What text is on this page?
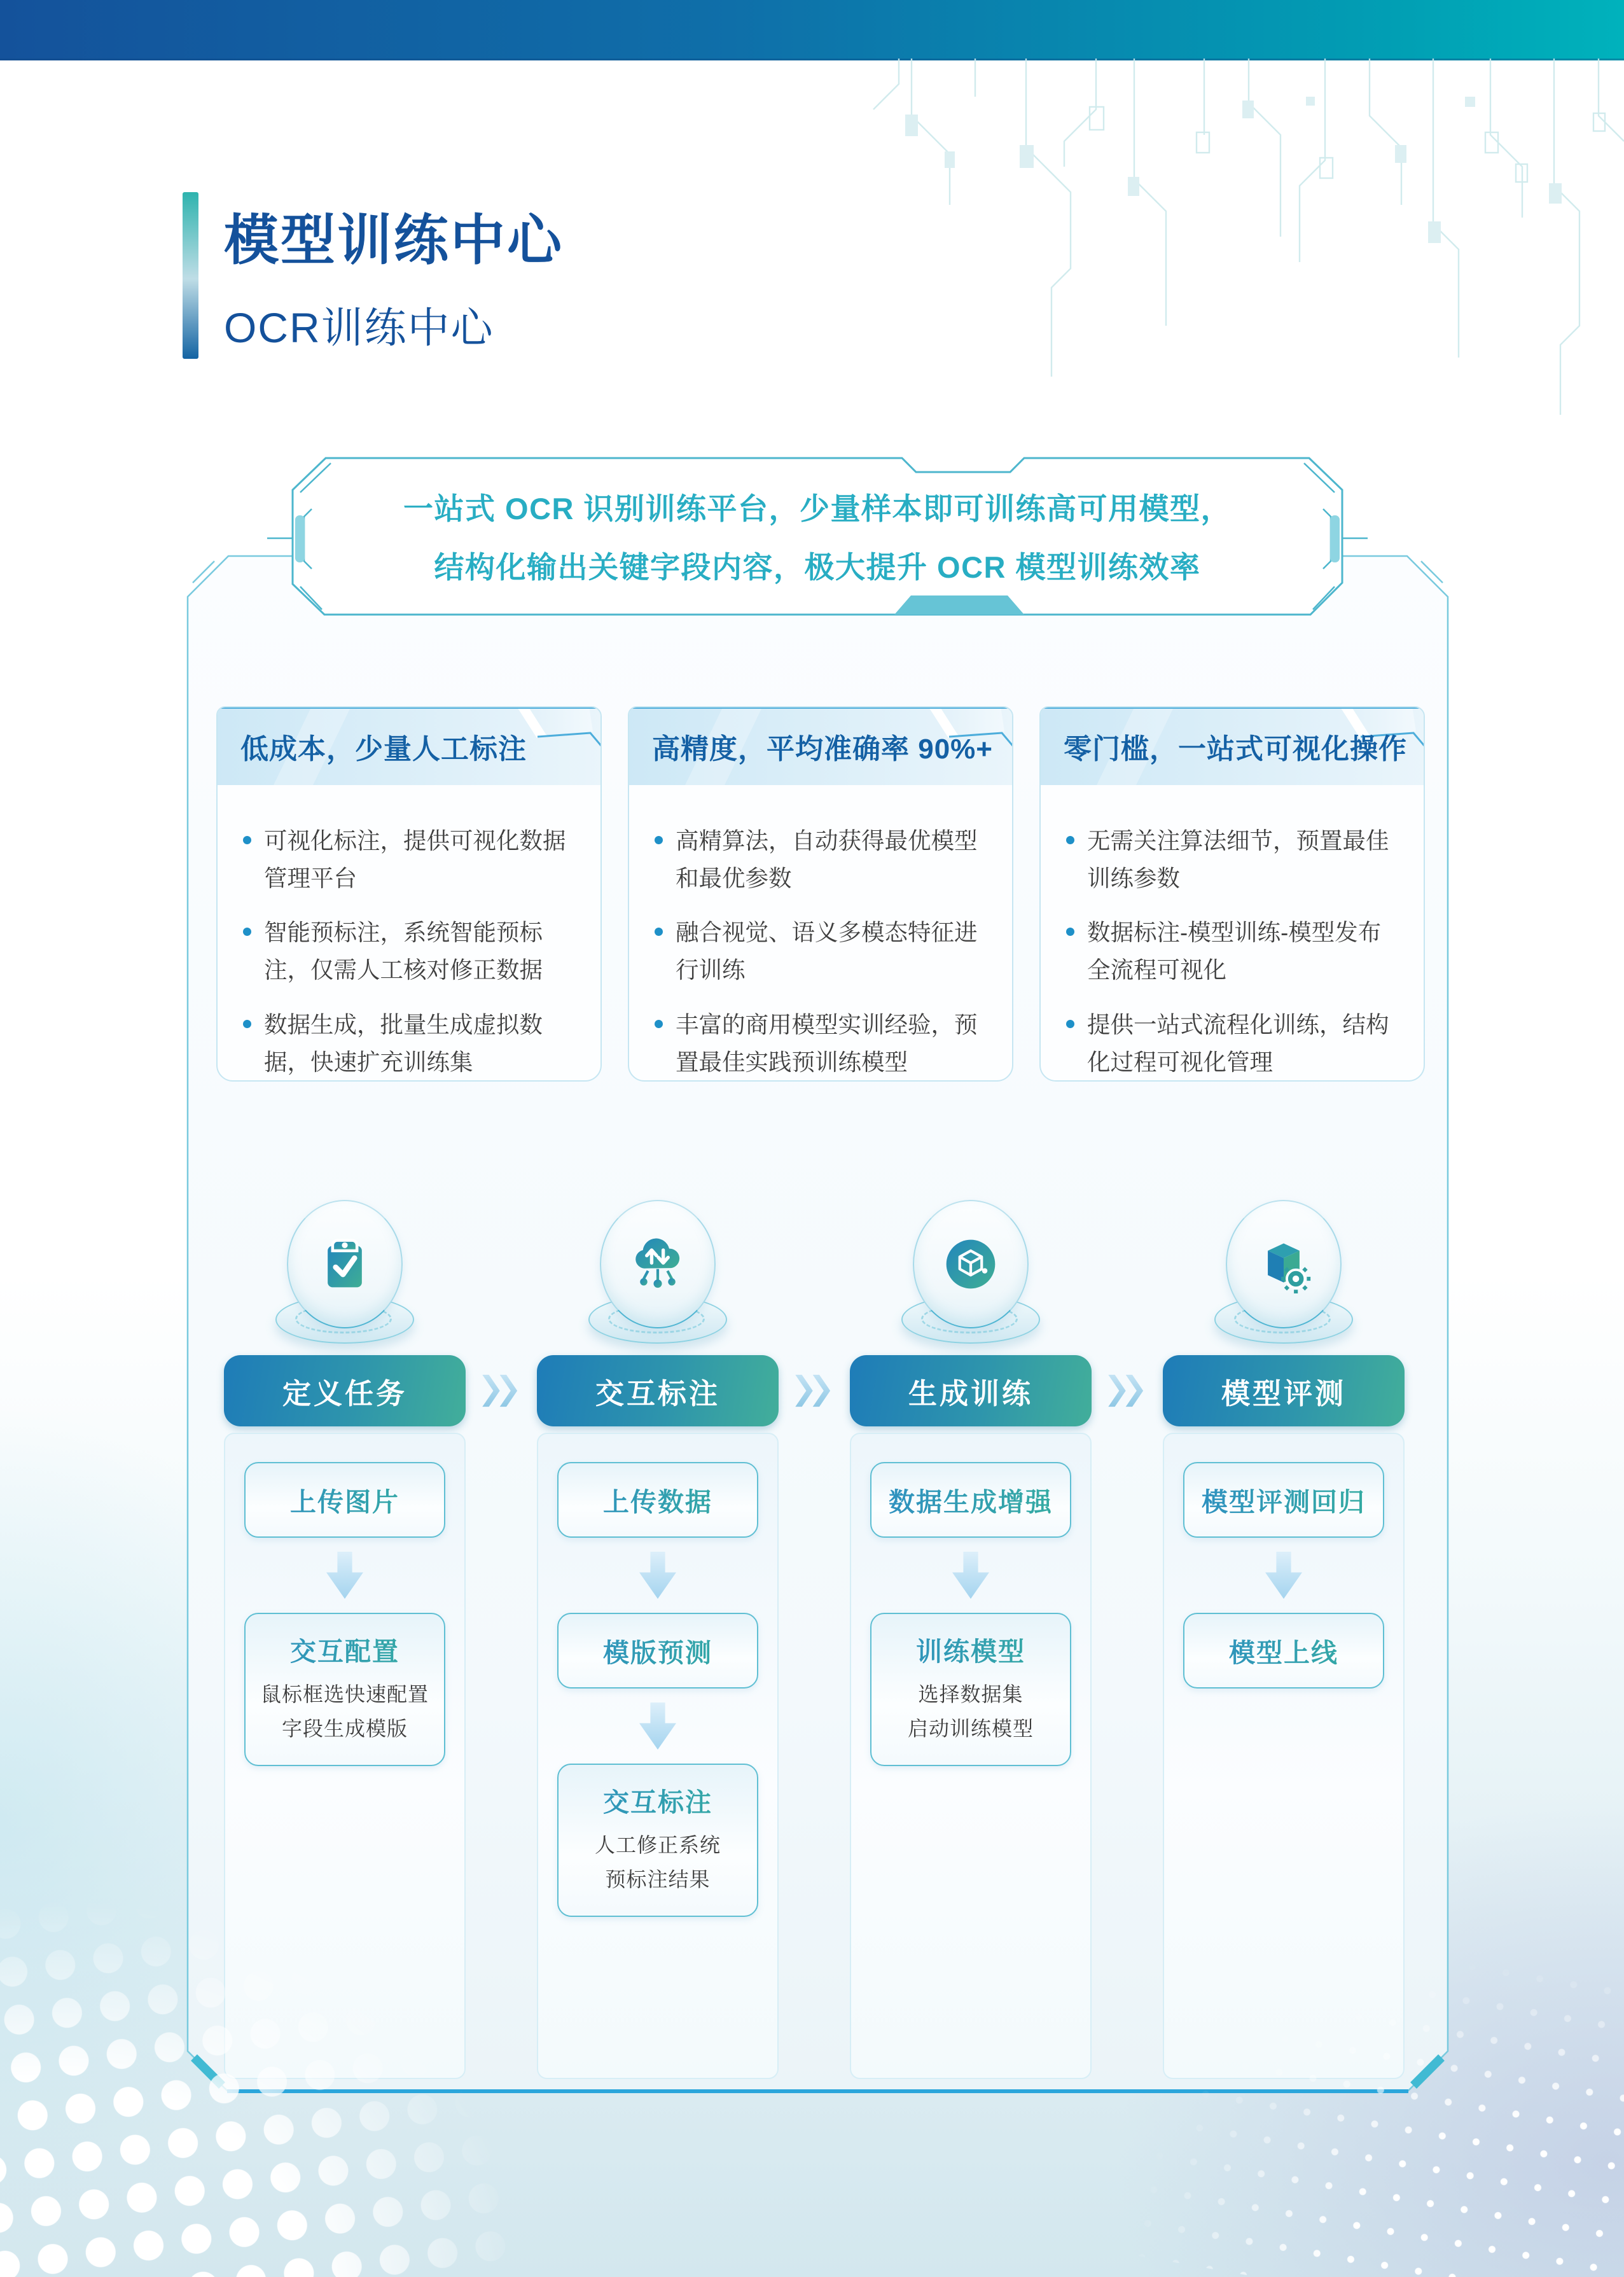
模型训练中心
OCR训练中心
一站式 OCR 识别训练平台，少量样本即可训练高可用模型，
结构化输出关键字段内容，极大提升 OCR 模型训练效率
低成本，少量人工标注
可视化标注，提供可视化数据管理平台
智能预标注，系统智能预标注，仅需人工核对修正数据
数据生成，批量生成虚拟数据，快速扩充训练集
高精度，平均准确率 90%+
高精算法，自动获得最优模型和最优参数
融合视觉、语义多模态特征进行训练
丰富的商用模型实训经验，预置最佳实践预训练模型
零门槛，一站式可视化操作
无需关注算法细节，预置最佳训练参数
数据标注-模型训练-模型发布全流程可视化
提供一站式流程化训练，结构化过程可视化管理
定义任务	交互标注	生成训练	模型评测
上传图片
交互配置
鼠标框选快速配置
字段生成模版
上传数据
模版预测
交互标注
人工修正系统
预标注结果
数据生成增强
训练模型
选择数据集
启动训练模型
模型评测回归
模型上线
